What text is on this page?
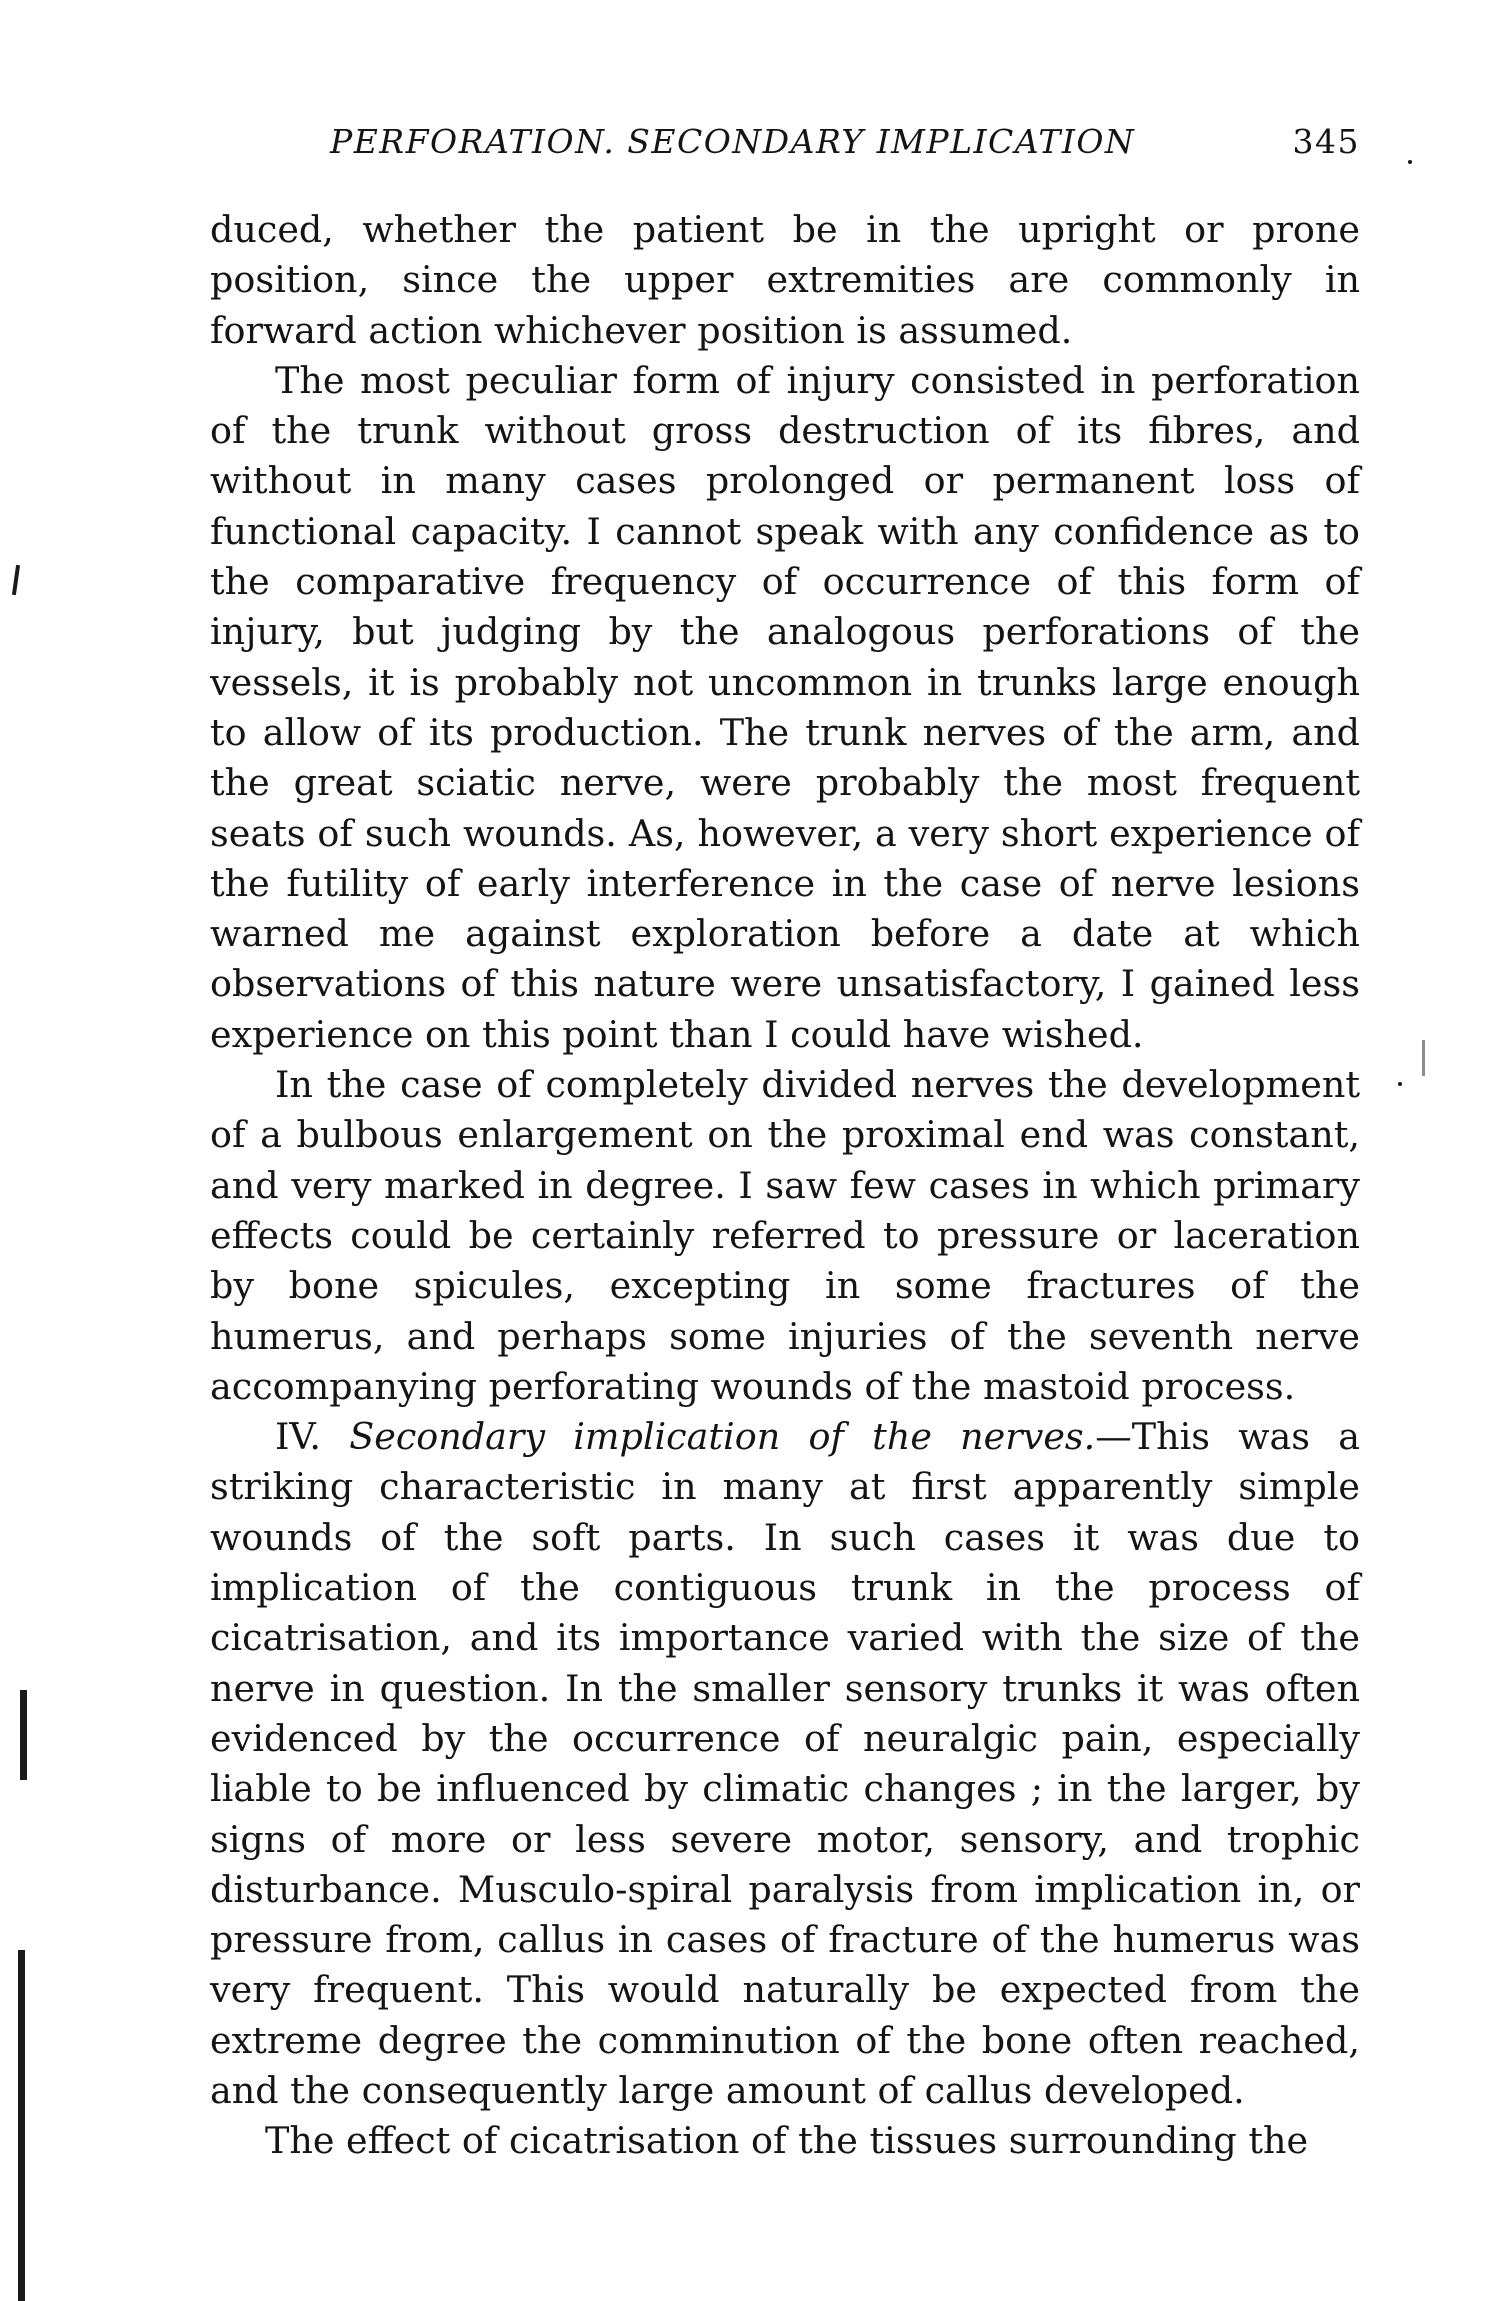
PERFORATION. SECONDARY IMPLICATION	345

duced, whether the patient be in the upright or prone position, since the upper extremities are commonly in forward action whichever position is assumed.

The most peculiar form of injury consisted in perforation of the trunk without gross destruction of its fibres, and without in many cases prolonged or permanent loss of functional capacity. I cannot speak with any confidence as to the comparative frequency of occurrence of this form of injury, but judging by the analogous perforations of the vessels, it is probably not uncommon in trunks large enough to allow of its production. The trunk nerves of the arm, and the great sciatic nerve, were probably the most frequent seats of such wounds. As, however, a very short experience of the futility of early interference in the case of nerve lesions warned me against exploration before a date at which observations of this nature were unsatisfactory, I gained less experience on this point than I could have wished.

In the case of completely divided nerves the development of a bulbous enlargement on the proximal end was constant, and very marked in degree. I saw few cases in which primary effects could be certainly referred to pressure or laceration by bone spicules, excepting in some fractures of the humerus, and perhaps some injuries of the seventh nerve accompanying perforating wounds of the mastoid process.

IV. Secondary implication of the nerves.—This was a striking characteristic in many at first apparently simple wounds of the soft parts. In such cases it was due to implication of the contiguous trunk in the process of cicatrisation, and its importance varied with the size of the nerve in question. In the smaller sensory trunks it was often evidenced by the occurrence of neuralgic pain, especially liable to be influenced by climatic changes ; in the larger, by signs of more or less severe motor, sensory, and trophic disturbance. Musculo-spiral paralysis from implication in, or pressure from, callus in cases of fracture of the humerus was very frequent. This would naturally be expected from the extreme degree the comminution of the bone often reached, and the consequently large amount of callus developed.

The effect of cicatrisation of the tissues surrounding the
